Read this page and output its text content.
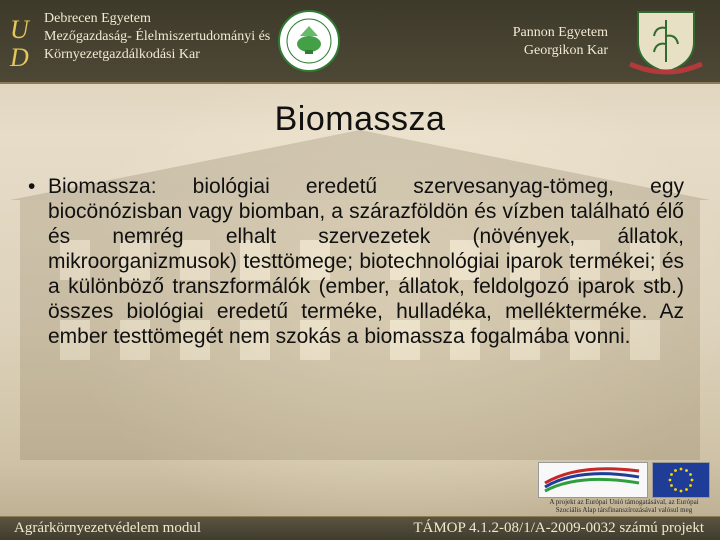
U
D
Debrecen Egyetem
Mezőgazdaság- Élelmiszertudományi és
Környezetgazdálkodási Kar
Pannon Egyetem
Georgikon Kar
Biomassza
• Biomassza: biológiai eredetű szervesanyag-tömeg, egy biocönózisban vagy biomban, a szárazföldön és vízben található élő és nemrég elhalt szervezetek (növények, állatok, mikroorganizmusok) testtömege; biotechnológiai iparok termékei; és a különböző transzformálók (ember, állatok, feldolgozó iparok stb.) összes biológiai eredetű terméke, hulladéka, mellékterméke. Az ember testtömegét nem szokás a biomassza fogalmába vonni.
A projekt az Európai Unió támogatásával, az Európai
Szociális Alap társfinanszírozásával valósul meg
Agrárkörnyezetvédelem modul	TÁMOP 4.1.2-08/1/A-2009-0032 számú projekt
